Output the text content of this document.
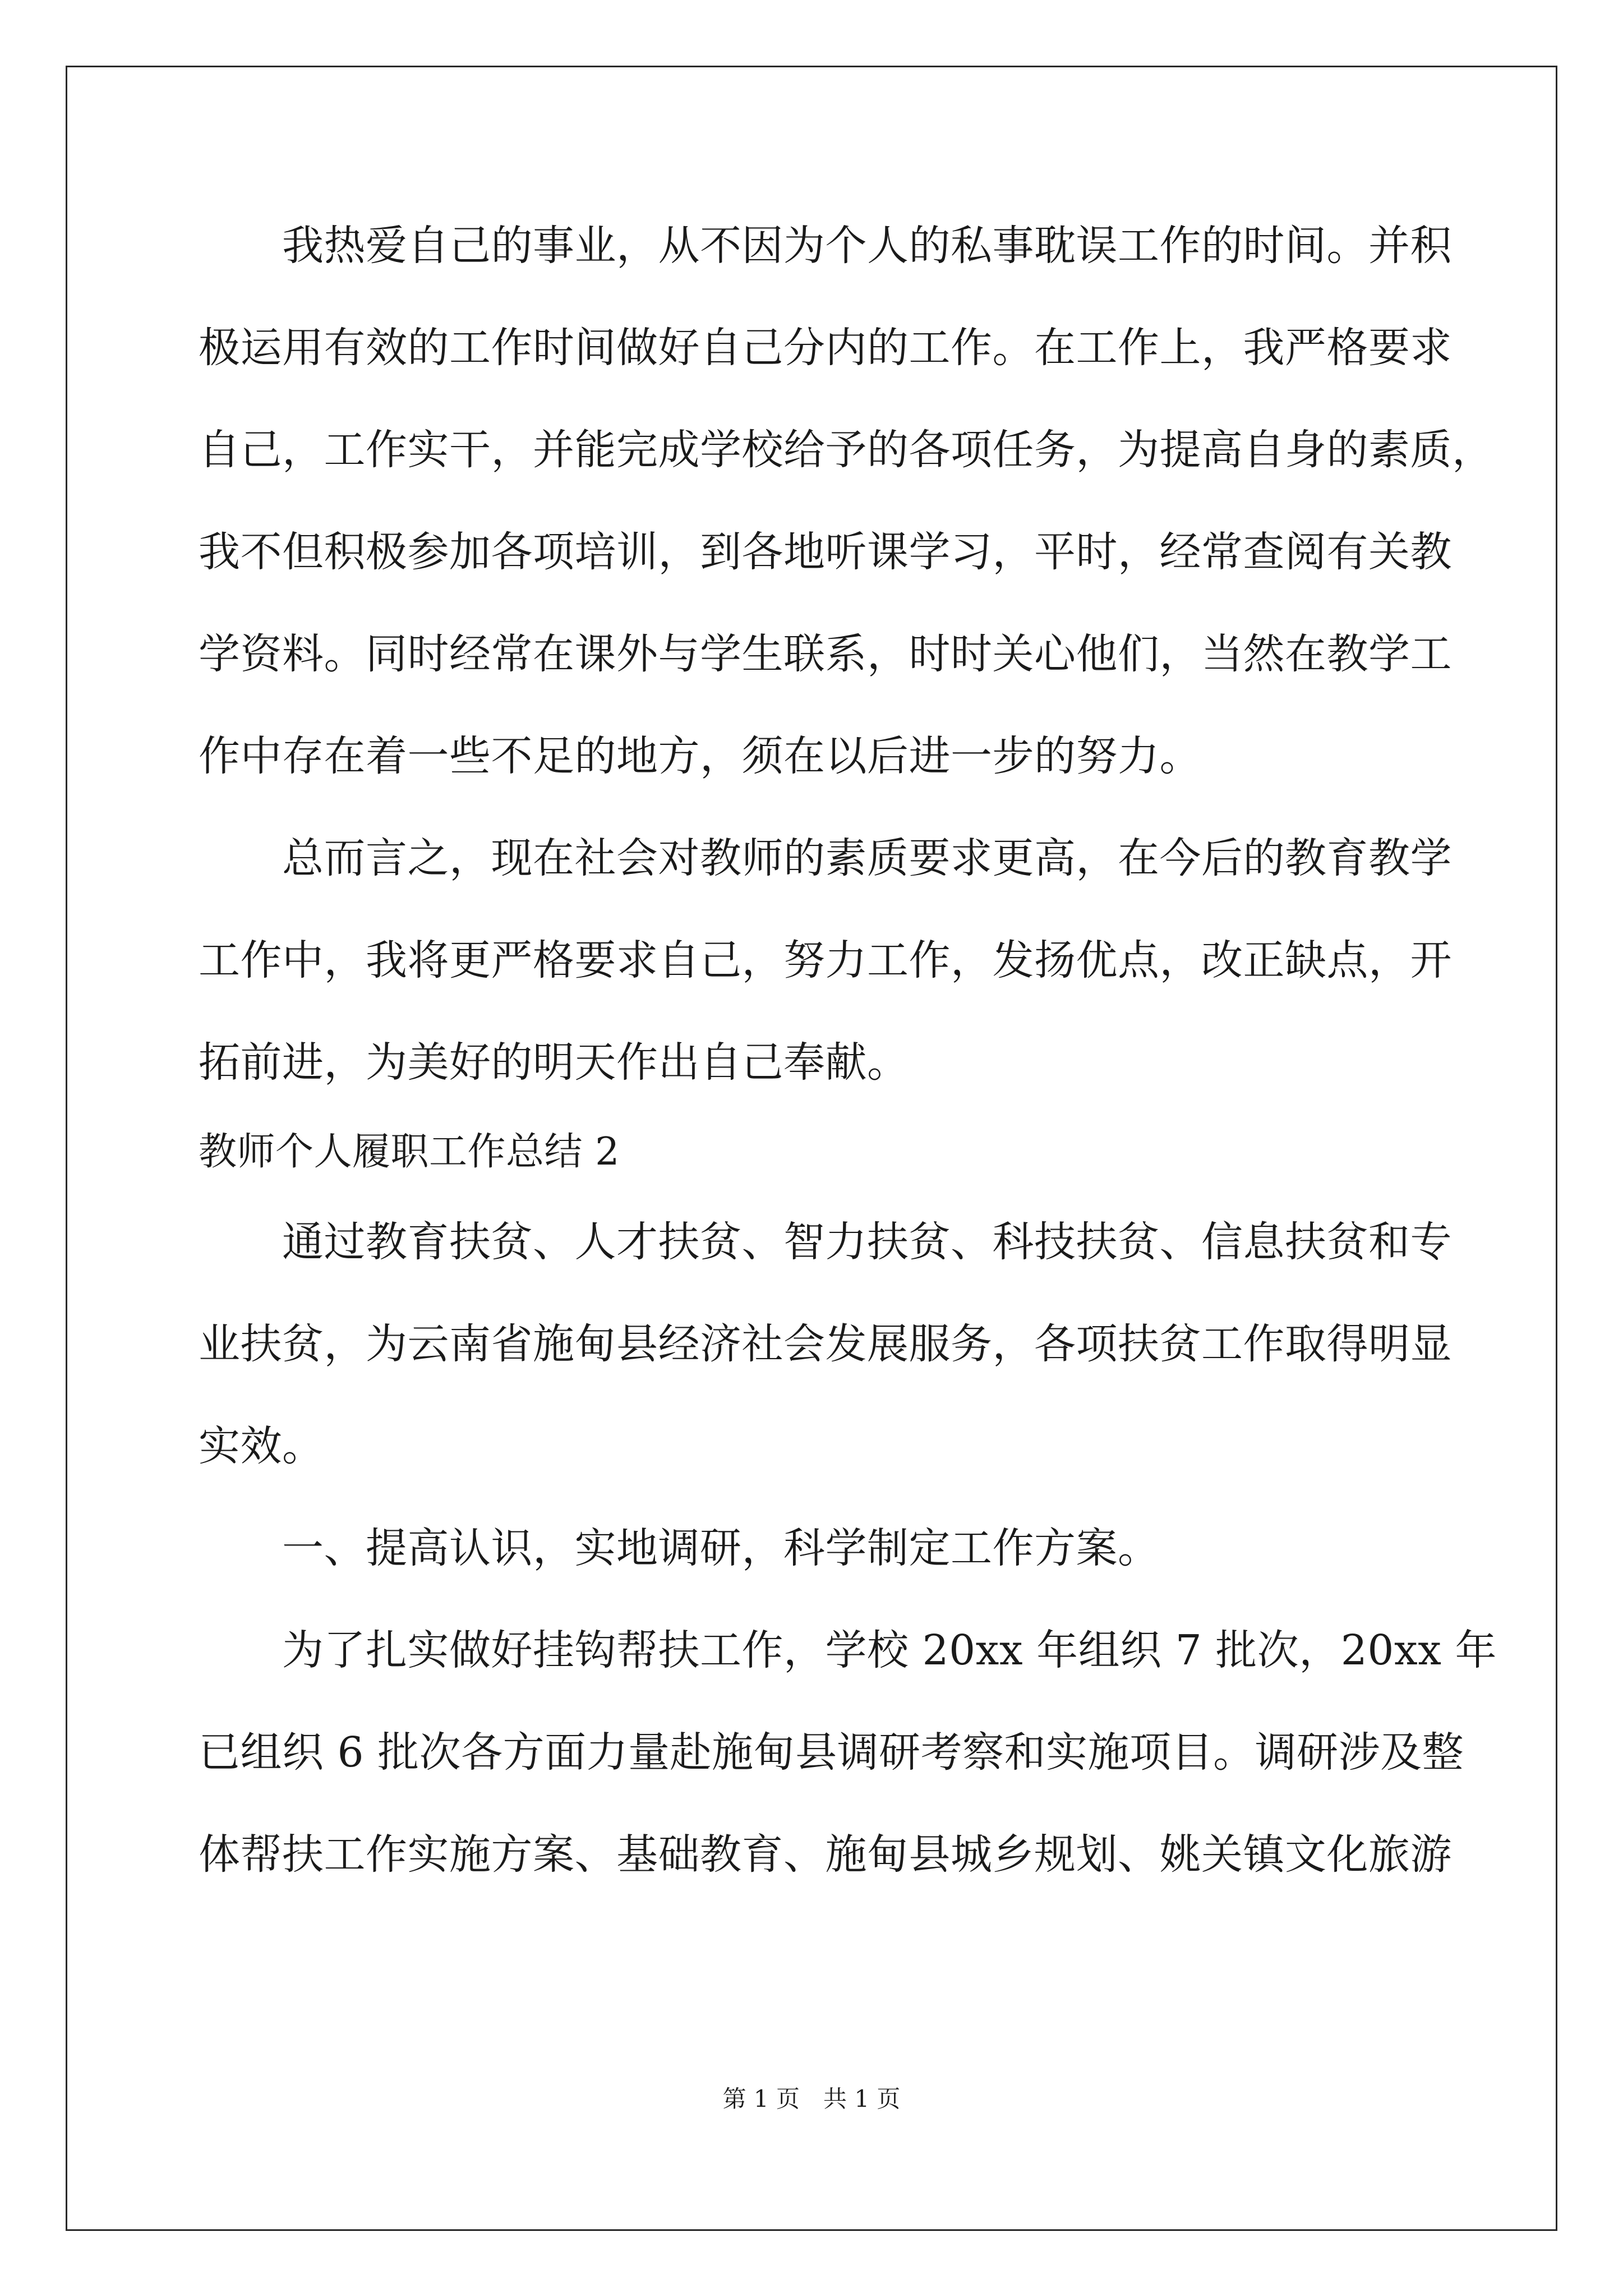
　　我热爱自己的事业，从不因为个人的私事耽误工作的时间。并积
极运用有效的工作时间做好自己分内的工作。在工作上，我严格要求
自己，工作实干，并能完成学校给予的各项任务，为提高自身的素质，
我不但积极参加各项培训，到各地听课学习，平时，经常查阅有关教
学资料。同时经常在课外与学生联系，时时关心他们，当然在教学工
作中存在着一些不足的地方，须在以后进一步的努力。
　　总而言之，现在社会对教师的素质要求更高，在今后的教育教学
工作中，我将更严格要求自己，努力工作，发扬优点，改正缺点，开
拓前进，为美好的明天作出自己奉献。
教师个人履职工作总结 2
　　通过教育扶贫、人才扶贫、智力扶贫、科技扶贫、信息扶贫和专
业扶贫，为云南省施甸县经济社会发展服务，各项扶贫工作取得明显
实效。
　　一、提高认识，实地调研，科学制定工作方案。
　　为了扎实做好挂钩帮扶工作，学校 20xx 年组织 7 批次，20xx 年
已组织 6 批次各方面力量赴施甸县调研考察和实施项目。调研涉及整
体帮扶工作实施方案、基础教育、施甸县城乡规划、姚关镇文化旅游
第 1 页　共 1 页
